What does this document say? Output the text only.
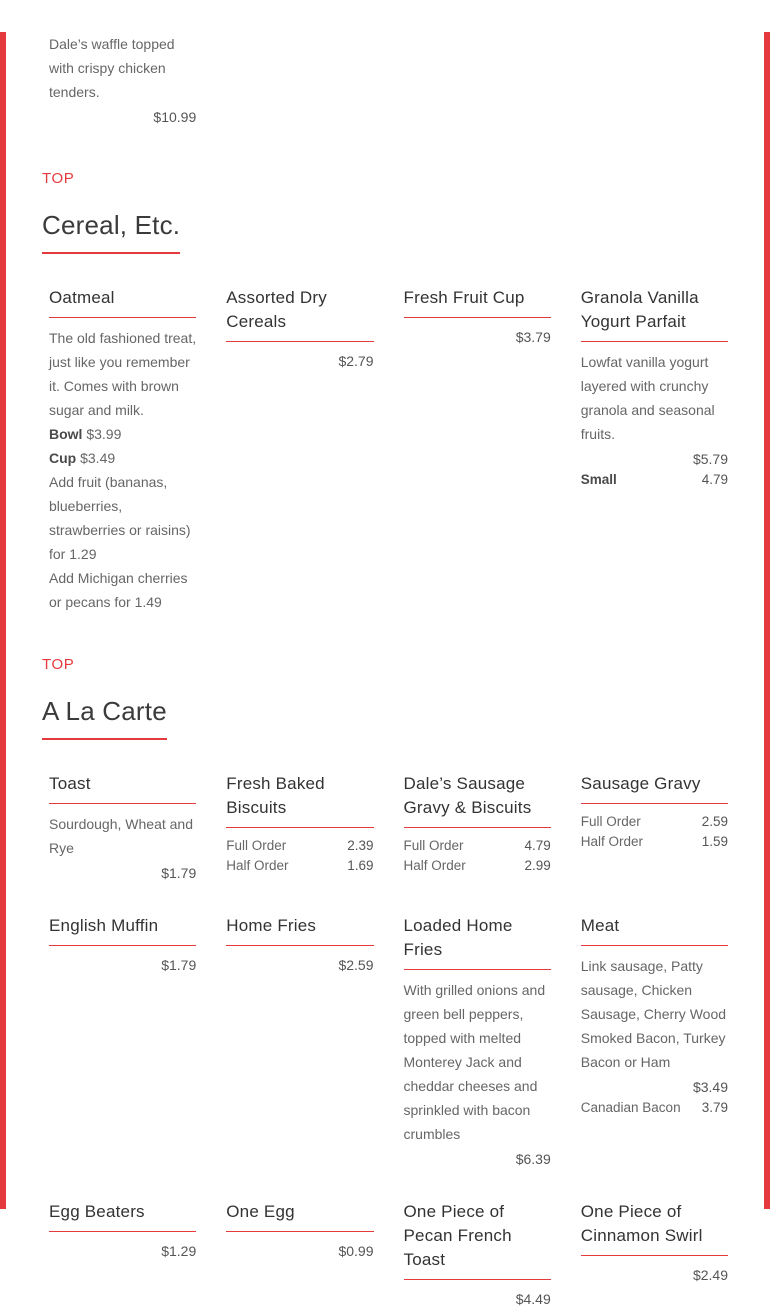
Dale’s waffle topped with crispy chicken tenders.

$10.99
TOP
Cereal, Etc.
Oatmeal

The old fashioned treat, just like you remember it. Comes with brown sugar and milk.

Bowl $3.99

Cup $3.49

Add fruit (bananas, blueberries, strawberries or raisins) for 1.29

Add Michigan cherries or pecans for 1.49

Assorted Dry Cereals
$2.79
Fresh Fruit Cup
$3.79
Granola Vanilla Yogurt Parfait

Lowfat vanilla yogurt layered with crunchy granola and seasonal fruits.

$5.79
Small	4.79
TOP
A La Carte
Toast

Sourdough, Wheat and Rye

$1.79
Fresh Baked Biscuits
Full Order	2.39
Half Order	1.69
Dale’s Sausage Gravy & Biscuits
Full Order	4.79
Half Order	2.99
Sausage Gravy
Full Order	2.59
Half Order	1.59
English Muffin
$1.79
Home Fries
$2.59
Loaded Home Fries

With grilled onions and green bell peppers, topped with melted Monterey Jack and cheddar cheeses and sprinkled with bacon crumbles

$6.39
Meat

Link sausage, Patty sausage, Chicken Sausage, Cherry Wood Smoked Bacon, Turkey Bacon or Ham

$3.49
Canadian Bacon 3.79
Egg Beaters
$1.29
One Egg
$0.99
One Piece of Pecan French Toast
$4.49
One Piece of Cinnamon Swirl
$2.49
